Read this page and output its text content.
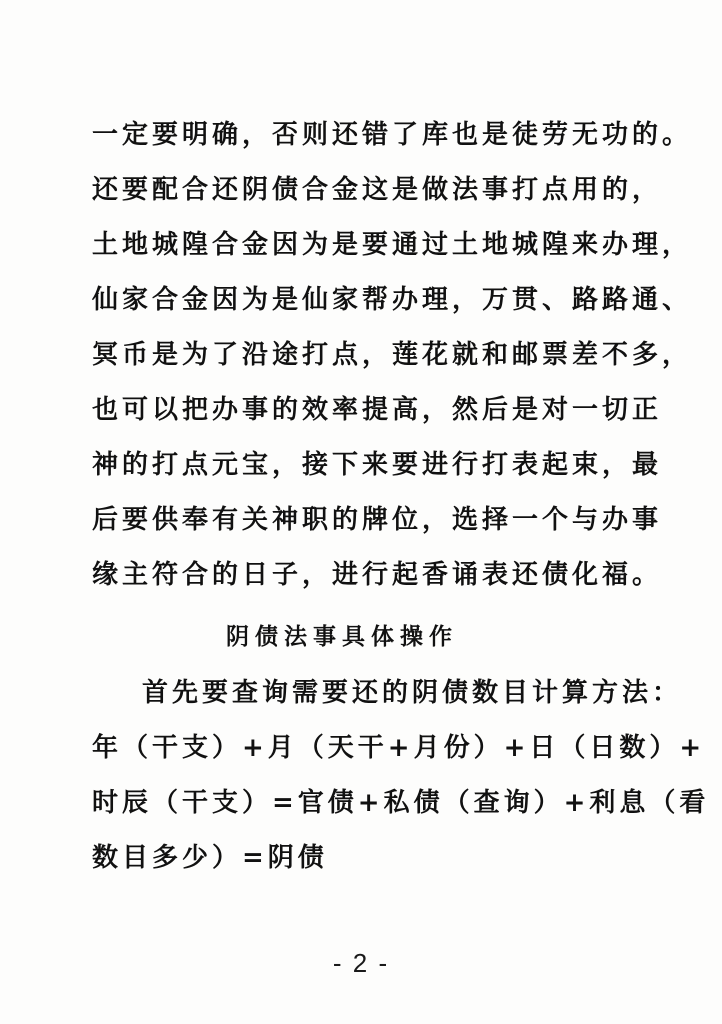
一定要明确，否则还错了库也是徒劳无功的。
还要配合还阴债合金这是做法事打点用的，
土地城隍合金因为是要通过土地城隍来办理，
仙家合金因为是仙家帮办理，万贯、路路通、
冥币是为了沿途打点，莲花就和邮票差不多，
也可以把办事的效率提高，然后是对一切正
神的打点元宝，接下来要进行打表起束，最
后要供奉有关神职的牌位，选择一个与办事
缘主符合的日子，进行起香诵表还债化福。
阴债法事具体操作
首先要查询需要还的阴债数目计算方法：
年（干支）+月（天干+月份）+日（日数）+
时辰（干支）=官债+私债（查询）+利息（看
数目多少）=阴债
- 2 -
